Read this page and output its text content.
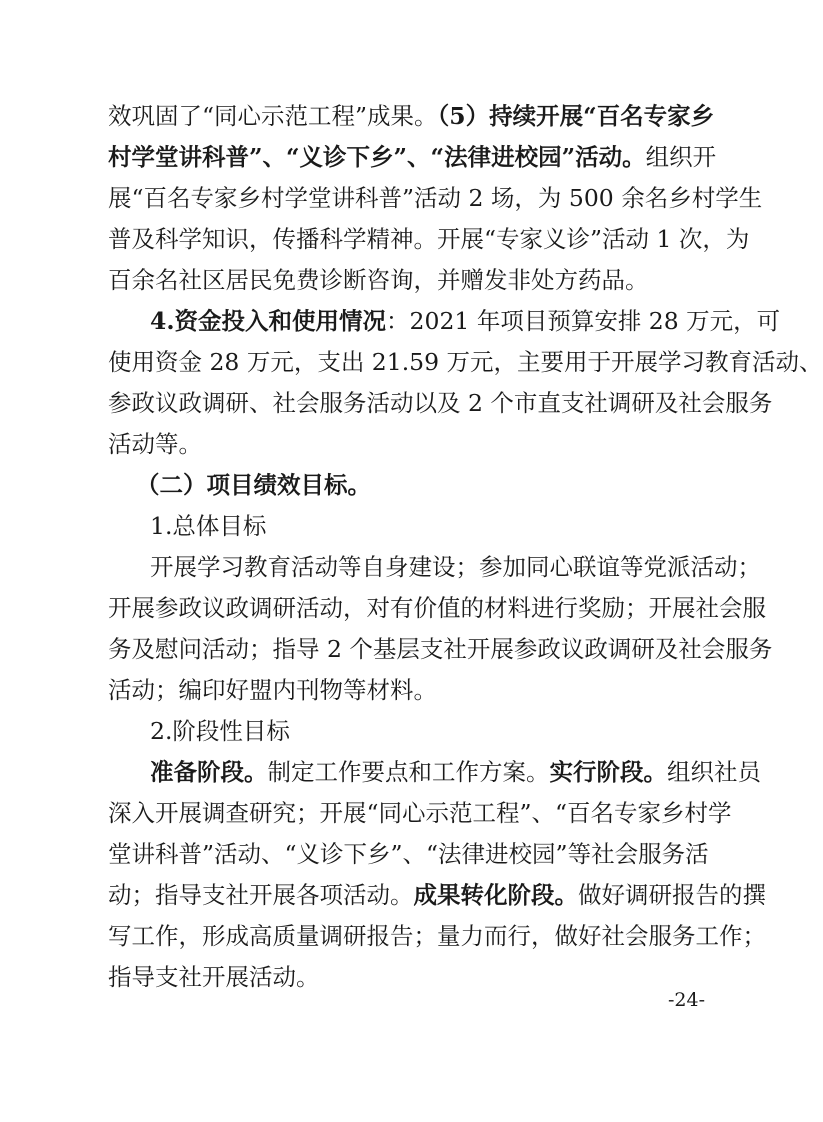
效巩固了“同心示范工程”成果。（5）持续开展“百名专家乡
村学堂讲科普”、“义诊下乡”、“法律进校园”活动。组织开
展“百名专家乡村学堂讲科普”活动 2 场，为 500 余名乡村学生
普及科学知识，传播科学精神。开展“专家义诊”活动 1 次，为
百余名社区居民免费诊断咨询，并赠发非处方药品。
4.资金投入和使用情况：2021 年项目预算安排 28 万元，可
使用资金 28 万元，支出 21.59 万元，主要用于开展学习教育活动、
参政议政调研、社会服务活动以及 2 个市直支社调研及社会服务
活动等。
（二）项目绩效目标。
1.总体目标
开展学习教育活动等自身建设；参加同心联谊等党派活动；
开展参政议政调研活动，对有价值的材料进行奖励；开展社会服
务及慰问活动；指导 2 个基层支社开展参政议政调研及社会服务
活动；编印好盟内刊物等材料。
2.阶段性目标
准备阶段。制定工作要点和工作方案。实行阶段。组织社员
深入开展调查研究；开展“同心示范工程”、“百名专家乡村学
堂讲科普”活动、“义诊下乡”、“法律进校园”等社会服务活
动；指导支社开展各项活动。成果转化阶段。做好调研报告的撰
写工作，形成高质量调研报告；量力而行，做好社会服务工作；
指导支社开展活动。
-24-
